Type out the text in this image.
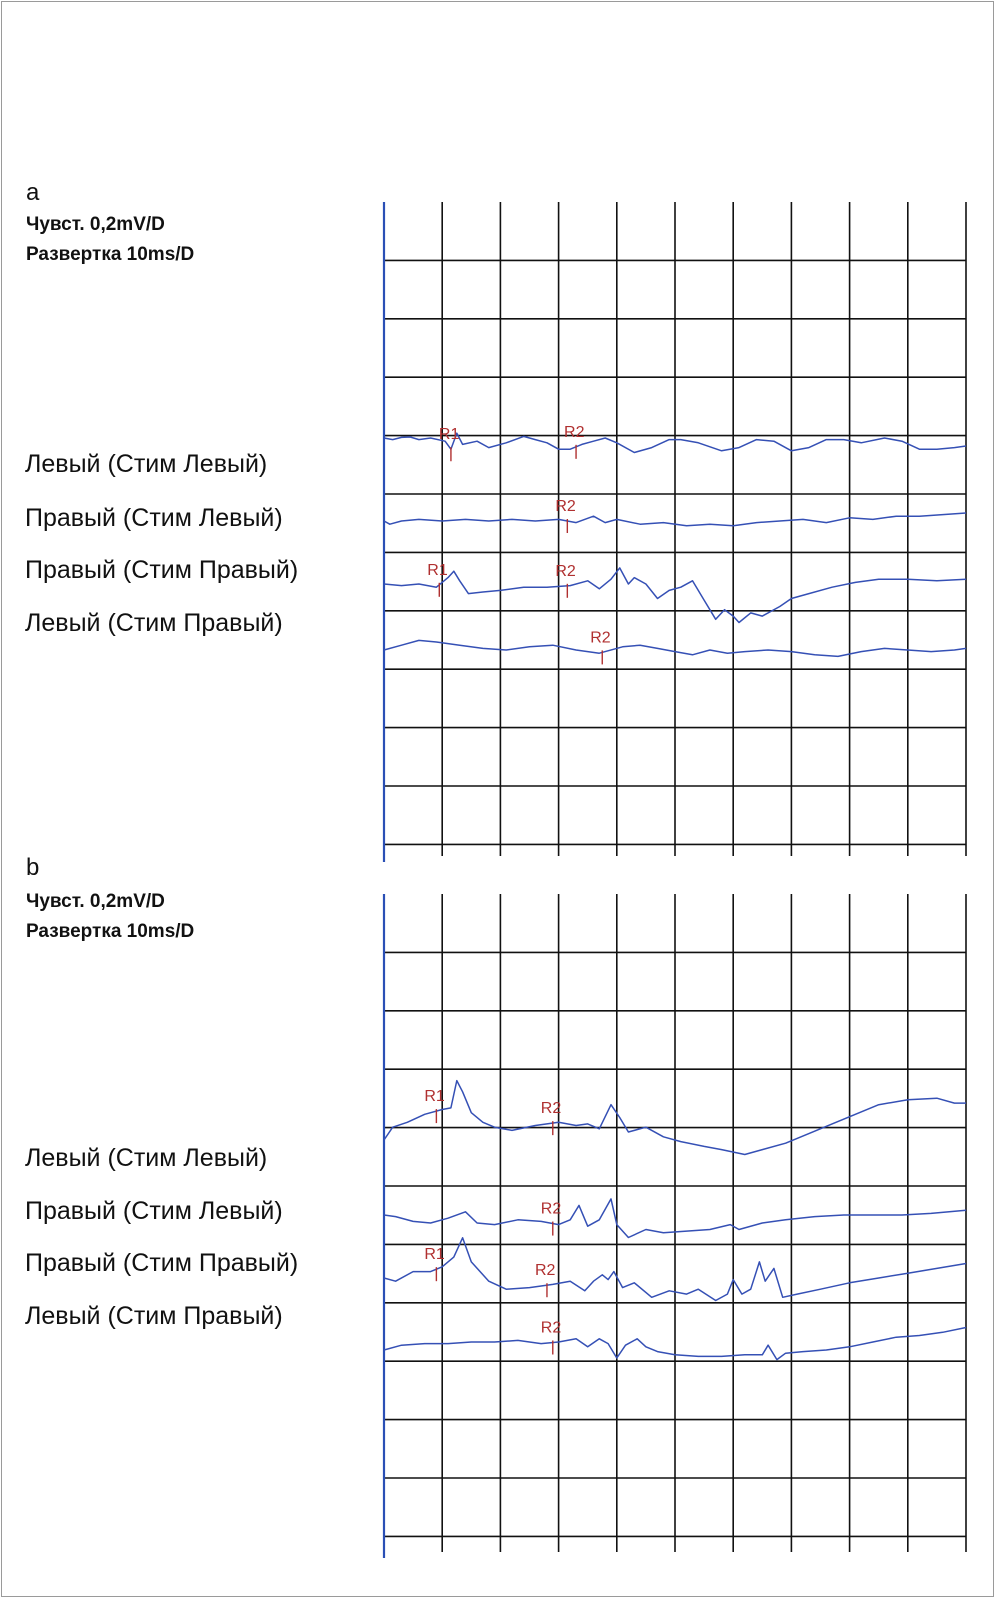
a
Чувст. 0,2mV/D
Развертка 10ms/D
Левый (Стим Левый)
Правый (Стим Левый)
Правый (Стим Правый)
Левый (Стим Правый)
R1	R2
R2
R1	R2
R2
b
Чувст. 0,2mV/D
Развертка 10ms/D
Левый (Стим Левый)
Правый (Стим Левый)
Правый (Стим Правый)
Левый (Стим Правый)
R1
R2
R2
R1
R2
R2
